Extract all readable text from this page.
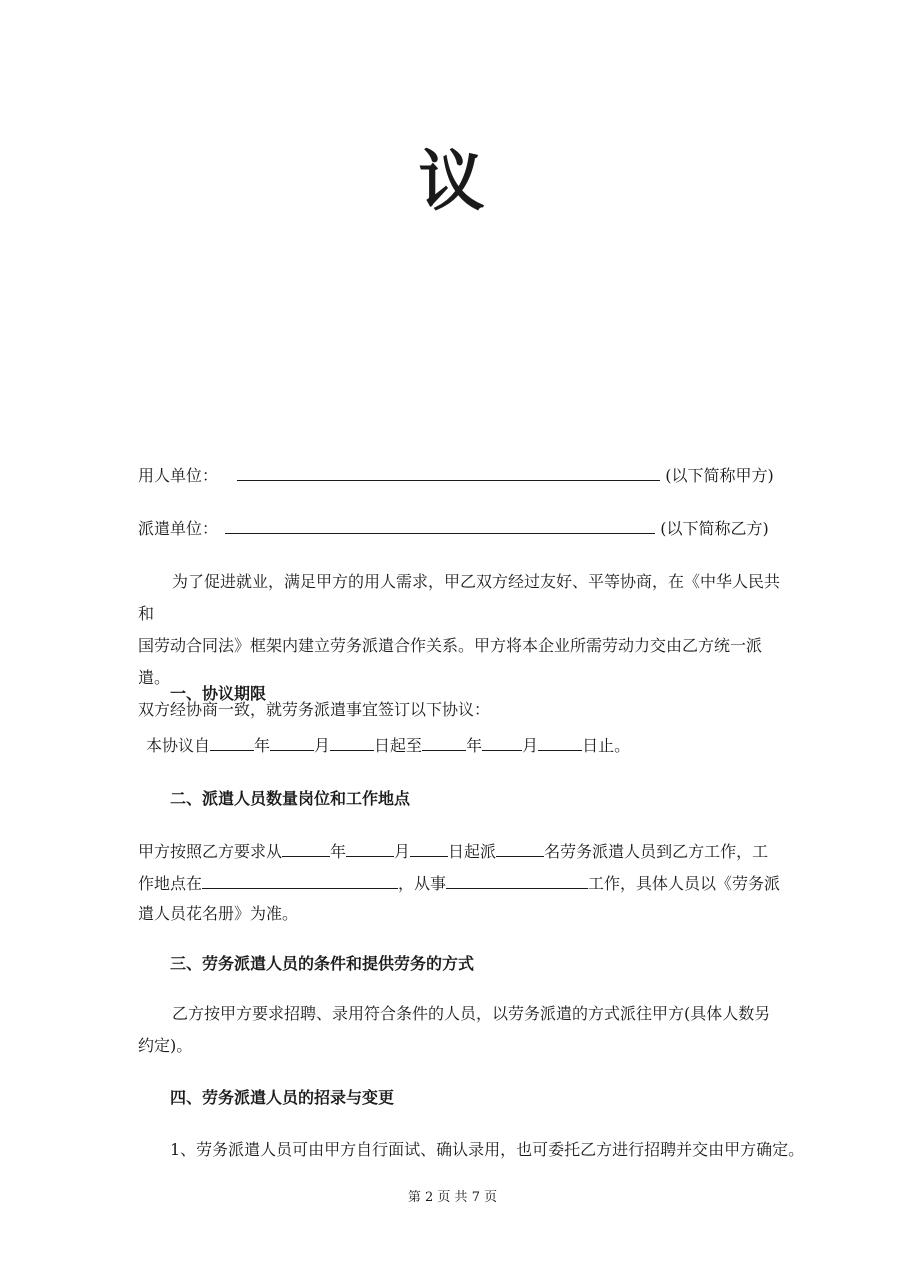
议
用人单位：	(以下简称甲方)
派遣单位：	(以下简称乙方)

为了促进就业，满足甲方的用人需求，甲乙双方经过友好、平等协商，在《中华人民共和

国劳动合同法》框架内建立劳务派遣合作关系。甲方将本企业所需劳动力交由乙方统一派遣。

双方经协商一致，就劳务派遣事宜签订以下协议：

一、协议期限
本协议自	年	月	日起至	年	月	日止。
二、派遣人员数量岗位和工作地点
甲方按照乙方要求从	年	月 日起派	名劳务派遣人员到乙方工作，工
作地点在	，从事	工作，具体人员以《劳务派
遣人员花名册》为准。
三、劳务派遣人员的条件和提供劳务的方式

乙方按甲方要求招聘、录用符合条件的人员，以劳务派遣的方式派往甲方(具体人数另

约定)。

四、劳务派遣人员的招录与变更
1、劳务派遣人员可由甲方自行面试、确认录用，也可委托乙方进行招聘并交由甲方确定。
第 2 页 共 7 页
